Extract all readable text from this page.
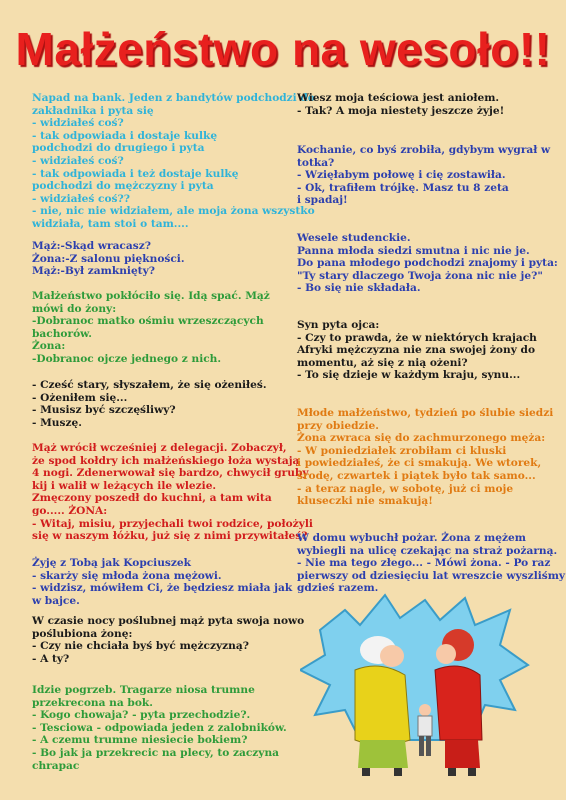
Małżeństwo na wesoło!!
Napad na bank. Jeden z bandytów podchodzi do
zakładnika i pyta się
- widziałeś coś?
- tak odpowiada i dostaje kulkę
podchodzi do drugiego i pyta
- widziałeś coś?
- tak odpowiada i też dostaje kulkę
podchodzi do mężczyzny i pyta
- widziałeś coś??
- nie, nic nie widziałem, ale moja żona wszystko
widziała, tam stoi o tam....
Mąż:-Skąd wracasz?
Żona:-Z salonu piękności.
Mąż:-Był zamknięty?
Małżeństwo pokłóciło się. Idą spać. Mąż
mówi do żony:
-Dobranoc matko ośmiu wrzeszczących
bachorów.
Żona:
-Dobranoc ojcze jednego z nich.
- Cześć stary, słyszałem, że się ożeniłeś.
- Ożeniłem się...
- Musisz być szczęśliwy?
- Muszę.
Mąż wrócił wcześniej z delegacji. Zobaczył,
że spod kołdry ich małżeńskiego łoża wystają
4 nogi. Zdenerwował się bardzo, chwycił gruby
kij i walił w leżących ile wlezie.
Zmęczony poszedł do kuchni, a tam wita
go..... ŻONA:
- Witaj, misiu, przyjechali twoi rodzice, położyli
się w naszym łóżku, już się z nimi przywitałeś?
Żyję z Tobą jak Kopciuszek
- skarży się młoda żona mężowi.
- widzisz, mówiłem Ci, że będziesz miała jak
w bajce.
W czasie nocy poślubnej mąż pyta swoja nowo
poślubiona żonę:
- Czy nie chciała byś być mężczyzną?
- A ty?
Idzie pogrzeb. Tragarze niosa trumne
przekrecona na bok.
- Kogo chowaja? - pyta przechodzie?.
- Tesciowa - odpowiada jeden z zalobników.
- A czemu trumne niesiecie bokiem?
- Bo jak ja przekrecic na plecy, to zaczyna
chrapac
Wiesz moja teściowa jest aniołem.
- Tak? A moja niestety jeszcze żyje!
Kochanie, co byś zrobiła, gdybym wygrał w
totka?
- Wzięłabym połowę i cię zostawiła.
- Ok, trafiłem trójkę. Masz tu 8 zeta
i spadaj!
Wesele studenckie.
Panna młoda siedzi smutna i nic nie je.
Do pana młodego podchodzi znajomy i pyta:
"Ty stary dlaczego Twoja żona nic nie je?"
- Bo się nie składała.
Syn pyta ojca:
- Czy to prawda, że w niektórych krajach
Afryki mężczyzna nie zna swojej żony do
momentu, aż się z nią ożeni?
- To się dzieje w każdym kraju, synu...
Młode małżeństwo, tydzień po ślubie siedzi
przy obiedzie.
Żona zwraca się do zachmurzonego męża:
- W poniedziałek zrobiłam ci kluski
i powiedziałeś, że ci smakują. We wtorek,
środę, czwartek i piątek było tak samo...
- a teraz nagle, w sobotę, już ci moje
kluseczki nie smakują!
W domu wybuchł pożar. Żona z mężem
wybiegli na ulicę czekając na straż pożarną.
- Nie ma tego złego... - Mówi żona. - Po raz
pierwszy od dziesięciu lat wreszcie wyszliśmy
gdzieś razem.
